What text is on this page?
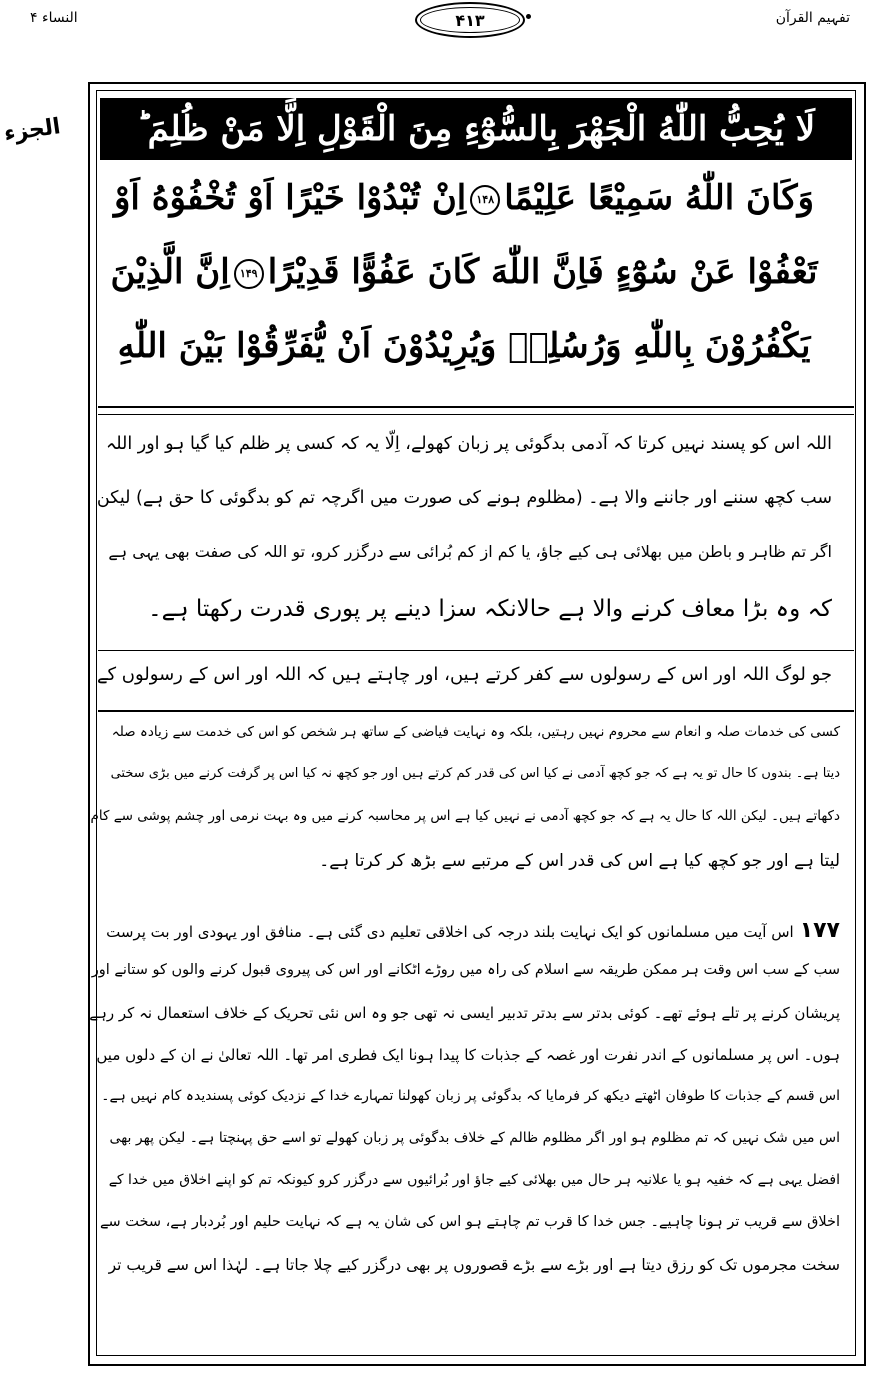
النساء ۴	۴۱۳	تفہیم القرآن
الجزء لَا يُحِبُّ اللّٰهُ الْجَهْرَ بِالسُّوْٓءِ مِنَ الْقَوْلِ اِلَّا مَنْ ظُلِمَ ؕ
وَكَانَ اللّٰهُ سَمِيْعًا عَلِيْمًا۱۴۸اِنْ تُبْدُوْا خَيْرًا اَوْ تُخْفُوْهُ اَوْ
تَعْفُوْا عَنْ سُوْٓءٍ فَاِنَّ اللّٰهَ كَانَ عَفُوًّا قَدِيْرًا۱۴۹اِنَّ الَّذِيْنَ
يَكْفُرُوْنَ بِاللّٰهِ وَرُسُلِهٖ وَيُرِيْدُوْنَ اَنْ يُّفَرِّقُوْا بَيْنَ اللّٰهِ
اللہ اس کو پسند نہیں کرتا کہ آدمی بدگوئی پر زبان کھولے، اِلّا یہ کہ کسی پر ظلم کیا گیا ہو اور اللہ
سب کچھ سننے اور جاننے والا ہے۔ (مظلوم ہونے کی صورت میں اگرچہ تم کو بدگوئی کا حق ہے) لیکن
اگر تم ظاہر و باطن میں بھلائی ہی کیے جاؤ، یا کم از کم بُرائی سے درگزر کرو، تو اللہ کی صفت بھی یہی ہے
کہ وہ بڑا معاف کرنے والا ہے حالانکہ سزا دینے پر پوری قدرت رکھتا ہے۔
جو لوگ اللہ اور اس کے رسولوں سے کفر کرتے ہیں، اور چاہتے ہیں کہ اللہ اور اس کے رسولوں کے
کسی کی خدمات صلہ و انعام سے محروم نہیں رہتیں، بلکہ وہ نہایت فیاضی کے ساتھ ہر شخص کو اس کی خدمت سے زیادہ صلہ
دیتا ہے۔ بندوں کا حال تو یہ ہے کہ جو کچھ آدمی نے کیا اس کی قدر کم کرتے ہیں اور جو کچھ نہ کیا اس پر گرفت کرنے میں بڑی سختی
دکھاتے ہیں۔ لیکن اللہ کا حال یہ ہے کہ جو کچھ آدمی نے نہیں کیا ہے اس پر محاسبہ کرنے میں وہ بہت نرمی اور چشم پوشی سے کام
لیتا ہے اور جو کچھ کیا ہے اس کی قدر اس کے مرتبے سے بڑھ کر کرتا ہے۔
۱۷۷اس آیت میں مسلمانوں کو ایک نہایت بلند درجہ کی اخلاقی تعلیم دی گئی ہے۔ منافق اور یہودی اور بت پرست
سب کے سب اس وقت ہر ممکن طریقہ سے اسلام کی راہ میں روڑے اٹکانے اور اس کی پیروی قبول کرنے والوں کو ستانے اور
پریشان کرنے پر تلے ہوئے تھے۔ کوئی بدتر سے بدتر تدبیر ایسی نہ تھی جو وہ اس نئی تحریک کے خلاف استعمال نہ کر رہے
ہوں۔ اس پر مسلمانوں کے اندر نفرت اور غصہ کے جذبات کا پیدا ہونا ایک فطری امر تھا۔ اللہ تعالیٰ نے ان کے دلوں میں
اس قسم کے جذبات کا طوفان اٹھتے دیکھ کر فرمایا کہ بدگوئی پر زبان کھولنا تمہارے خدا کے نزدیک کوئی پسندیدہ کام نہیں ہے۔
اس میں شک نہیں کہ تم مظلوم ہو اور اگر مظلوم ظالم کے خلاف بدگوئی پر زبان کھولے تو اسے حق پہنچتا ہے۔ لیکن پھر بھی
افضل یہی ہے کہ خفیہ ہو یا علانیہ ہر حال میں بھلائی کیے جاؤ اور بُرائیوں سے درگزر کرو کیونکہ تم کو اپنے اخلاق میں خدا کے
اخلاق سے قریب تر ہونا چاہیے۔ جس خدا کا قرب تم چاہتے ہو اس کی شان یہ ہے کہ نہایت حلیم اور بُردبار ہے، سخت سے
سخت مجرموں تک کو رزق دیتا ہے اور بڑے سے بڑے قصوروں پر بھی درگزر کیے چلا جاتا ہے۔ لہٰذا اس سے قریب تر
